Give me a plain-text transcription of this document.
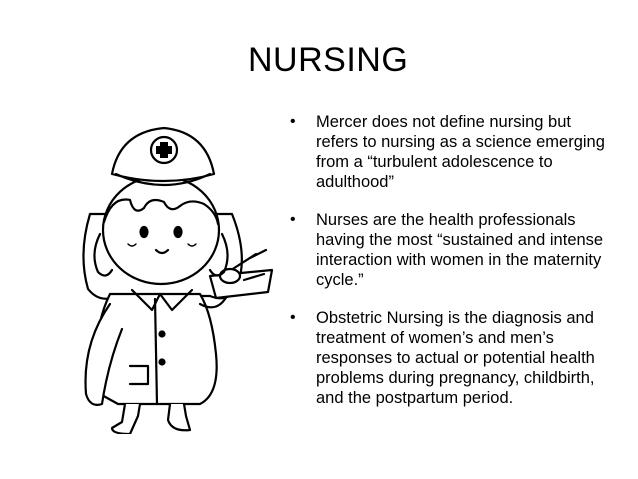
NURSING
• Mercer does not define nursing but refers to nursing as a science emerging from a “turbulent adolescence to adulthood”
• Nurses are the health professionals having the most “sustained and intense interaction with women in the maternity cycle.”
• Obstetric Nursing is the diagnosis and treatment of women’s and men’s responses to actual or potential health problems during pregnancy, childbirth, and the postpartum period.
